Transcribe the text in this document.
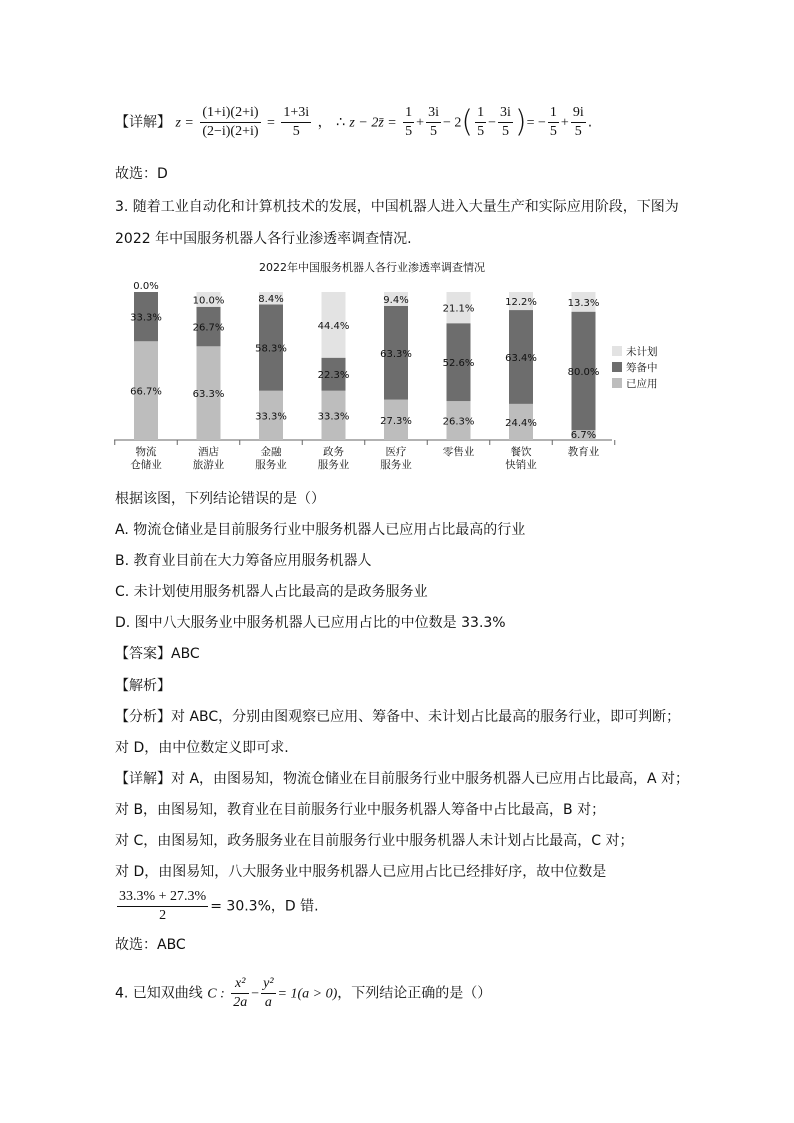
【详解】 $z = \frac{(1+i)(2+i)}{(2-i)(2+i)} = \frac{1+3i}{5}$ ， ∴ z − 2z̄ = $\frac{1}{5} + \frac{3i}{5} - 2( \frac{1}{5} - \frac{3i}{5}$ )= − $\frac{1}{5} + \frac{9i}{5}$ .
故选：D
3. 随着工业自动化和计算机技术的发展，中国机器人进入大量生产和实际应用阶段，下图为
2022 年中国服务机器人各行业渗透率调查情况.
2022年中国服务机器人各行业渗透率调查情况
66.7%
33.3%
0.0%
物流
仓储业
63.3%
26.7%
10.0%
酒店
旅游业
33.3%
58.3%
8.4%
金融
服务业
33.3%
22.3%
44.4%
政务
服务业
27.3%
63.3%
9.4%
医疗
服务业
26.3%
52.6%
21.1%
零售业
24.4%
63.4%
12.2%
餐饮
快销业
6.7%
80.0%
13.3%
教育业
未计划
筹备中
已应用
根据该图，下列结论错误的是（）
A. 物流仓储业是目前服务行业中服务机器人已应用占比最高的行业
B. 教育业目前在大力筹备应用服务机器人
C. 未计划使用服务机器人占比最高的是政务服务业
D. 图中八大服务业中服务机器人已应用占比的中位数是 33.3%
【答案】ABC
【解析】
【分析】对 ABC，分别由图观察已应用、筹备中、未计划占比最高的服务行业，即可判断；
对 D，由中位数定义即可求.
【详解】对 A，由图易知，物流仓储业在目前服务行业中服务机器人已应用占比最高，A 对；
对 B，由图易知，教育业在目前服务行业中服务机器人筹备中占比最高，B 对；
对 C，由图易知，政务服务业在目前服务行业中服务机器人未计划占比最高，C 对；
对 D，由图易知，八大服务业中服务机器人已应用占比已经排好序，故中位数是
$\frac{33.3\% + 27.3\%}{2} = 30.3\%$，D 错.
故选：ABC
4. 已知双曲线 C : $\frac{\text{x²}}{2a} - \frac{\text{y²}}{a} = 1(a > 0)$，下列结论正确的是（）
